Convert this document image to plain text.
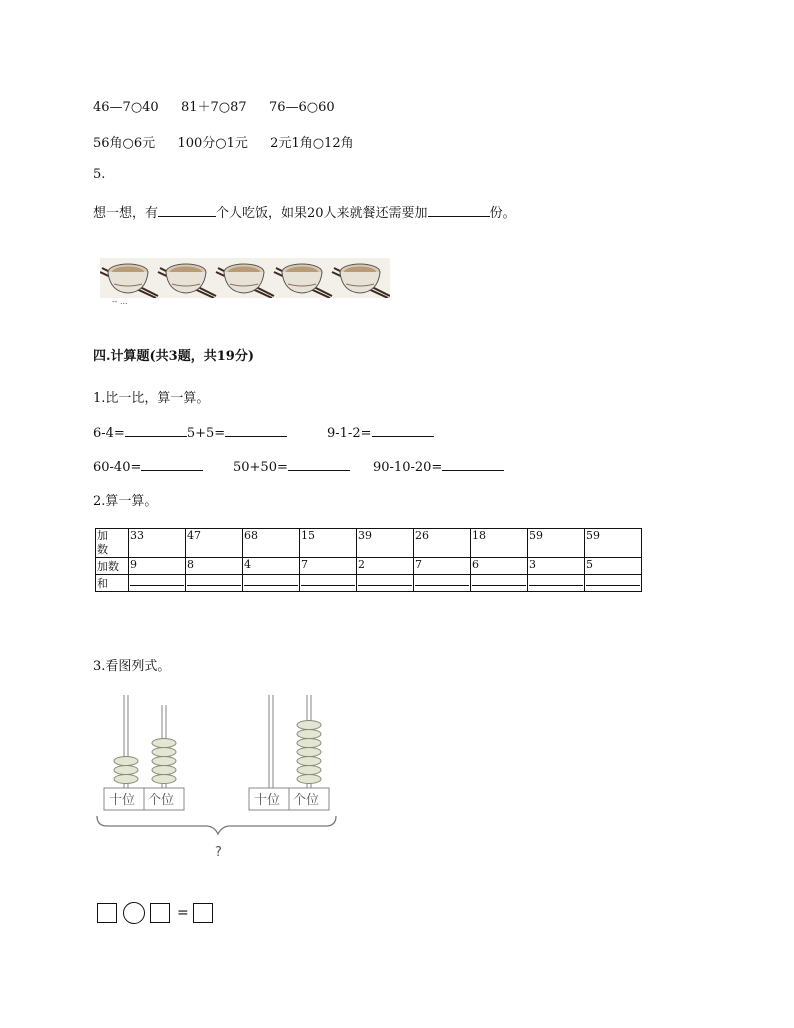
46—7○40 81＋7○87 76—6○60
56角○6元 100分○1元 2元1角○12角
5.
想一想，有	个人吃饭，如果20人来就餐还需要加	份。
-- ...
四.计算题(共3题，共19分)
1.比一比，算一算。
6-4=	5+5=	9-1-2=
60-40=	50+50=	90-10-20=
2.算一算。
加数	33	47	68	15	39	26	18	59	59
加数	9	8	4	7	2	7	6	3	5
和	

3.看图列式。
十位 个位	十位 个位
?
=
